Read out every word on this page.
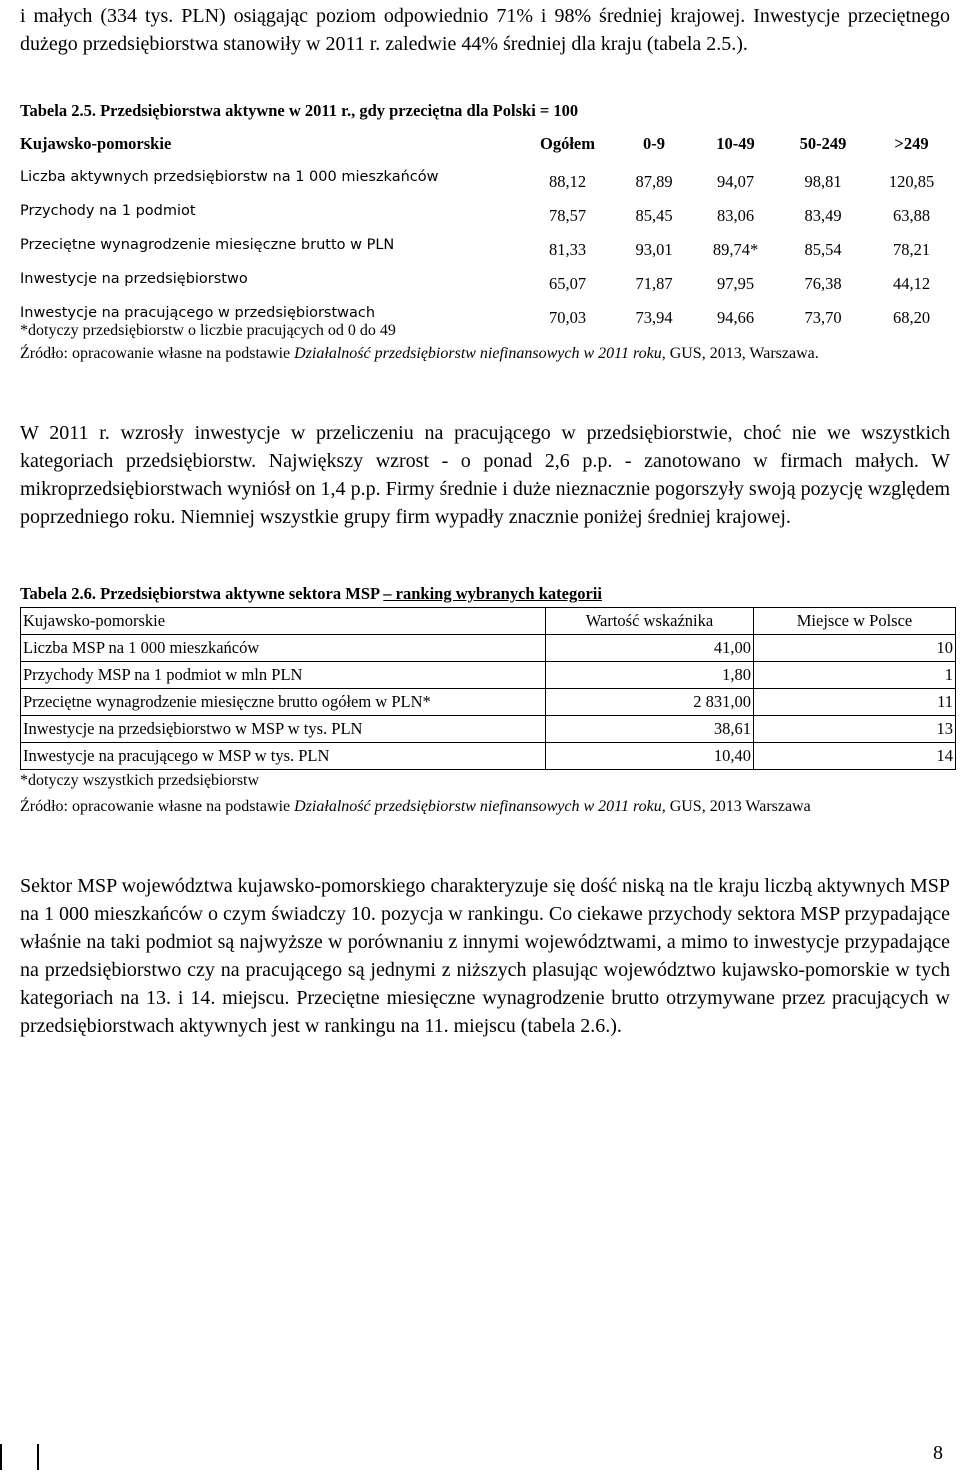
i małych (334 tys. PLN) osiągając poziom odpowiednio 71% i 98% średniej krajowej. Inwestycje przeciętnego dużego przedsiębiorstwa stanowiły w 2011 r. zaledwie 44% średniej dla kraju (tabela 2.5.).

Tabela 2.5. Przedsiębiorstwa aktywne w 2011 r., gdy przeciętna dla Polski = 100

Kujawsko-pomorskie	Ogółem	0-9	10-49	50-249	>249
Liczba aktywnych przedsiębiorstw na 1 000 mieszkańców	88,12	87,89	94,07	98,81	120,85
Przychody na 1 podmiot	78,57	85,45	83,06	83,49	63,88
Przeciętne wynagrodzenie miesięczne brutto w PLN	81,33	93,01	89,74*	85,54	78,21
Inwestycje na przedsiębiorstwo	65,07	71,87	97,95	76,38	44,12
Inwestycje na pracującego w przedsiębiorstwach	70,03	73,94	94,66	73,70	68,20

*dotyczy przedsiębiorstw o liczbie pracujących od 0 do 49

Źródło: opracowanie własne na podstawie Działalność przedsiębiorstw niefinansowych w 2011 roku, GUS, 2013, Warszawa.

W 2011 r. wzrosły inwestycje w przeliczeniu na pracującego w przedsiębiorstwie, choć nie we wszystkich kategoriach przedsiębiorstw. Największy wzrost - o ponad 2,6 p.p. - zanotowano w firmach małych. W mikroprzedsiębiorstwach wyniósł on 1,4 p.p. Firmy średnie i duże nieznacznie pogorszyły swoją pozycję względem poprzedniego roku. Niemniej wszystkie grupy firm wypadły znacznie poniżej średniej krajowej.

Tabela 2.6. Przedsiębiorstwa aktywne sektora MSP – ranking wybranych kategorii

Kujawsko-pomorskie	Wartość wskaźnika	Miejsce w Polsce
Liczba MSP na 1 000 mieszkańców	41,00	10
Przychody MSP na 1 podmiot w mln PLN	1,80	1
Przeciętne wynagrodzenie miesięczne brutto ogółem w PLN*	2 831,00	11
Inwestycje na przedsiębiorstwo w MSP w tys. PLN	38,61	13
Inwestycje na pracującego w MSP w tys. PLN	10,40	14

*dotyczy wszystkich przedsiębiorstw

Źródło: opracowanie własne na podstawie Działalność przedsiębiorstw niefinansowych w 2011 roku, GUS, 2013 Warszawa

Sektor MSP województwa kujawsko-pomorskiego charakteryzuje się dość niską na tle kraju liczbą aktywnych MSP na 1 000 mieszkańców o czym świadczy 10. pozycja w rankingu. Co ciekawe przychody sektora MSP przypadające właśnie na taki podmiot są najwyższe w porównaniu z innymi województwami, a mimo to inwestycje przypadające na przedsiębiorstwo czy na pracującego są jednymi z niższych plasując województwo kujawsko-pomorskie w tych kategoriach na 13. i 14. miejscu. Przeciętne miesięczne wynagrodzenie brutto otrzymywane przez pracujących w przedsiębiorstwach aktywnych jest w rankingu na 11. miejscu (tabela 2.6.).

8
